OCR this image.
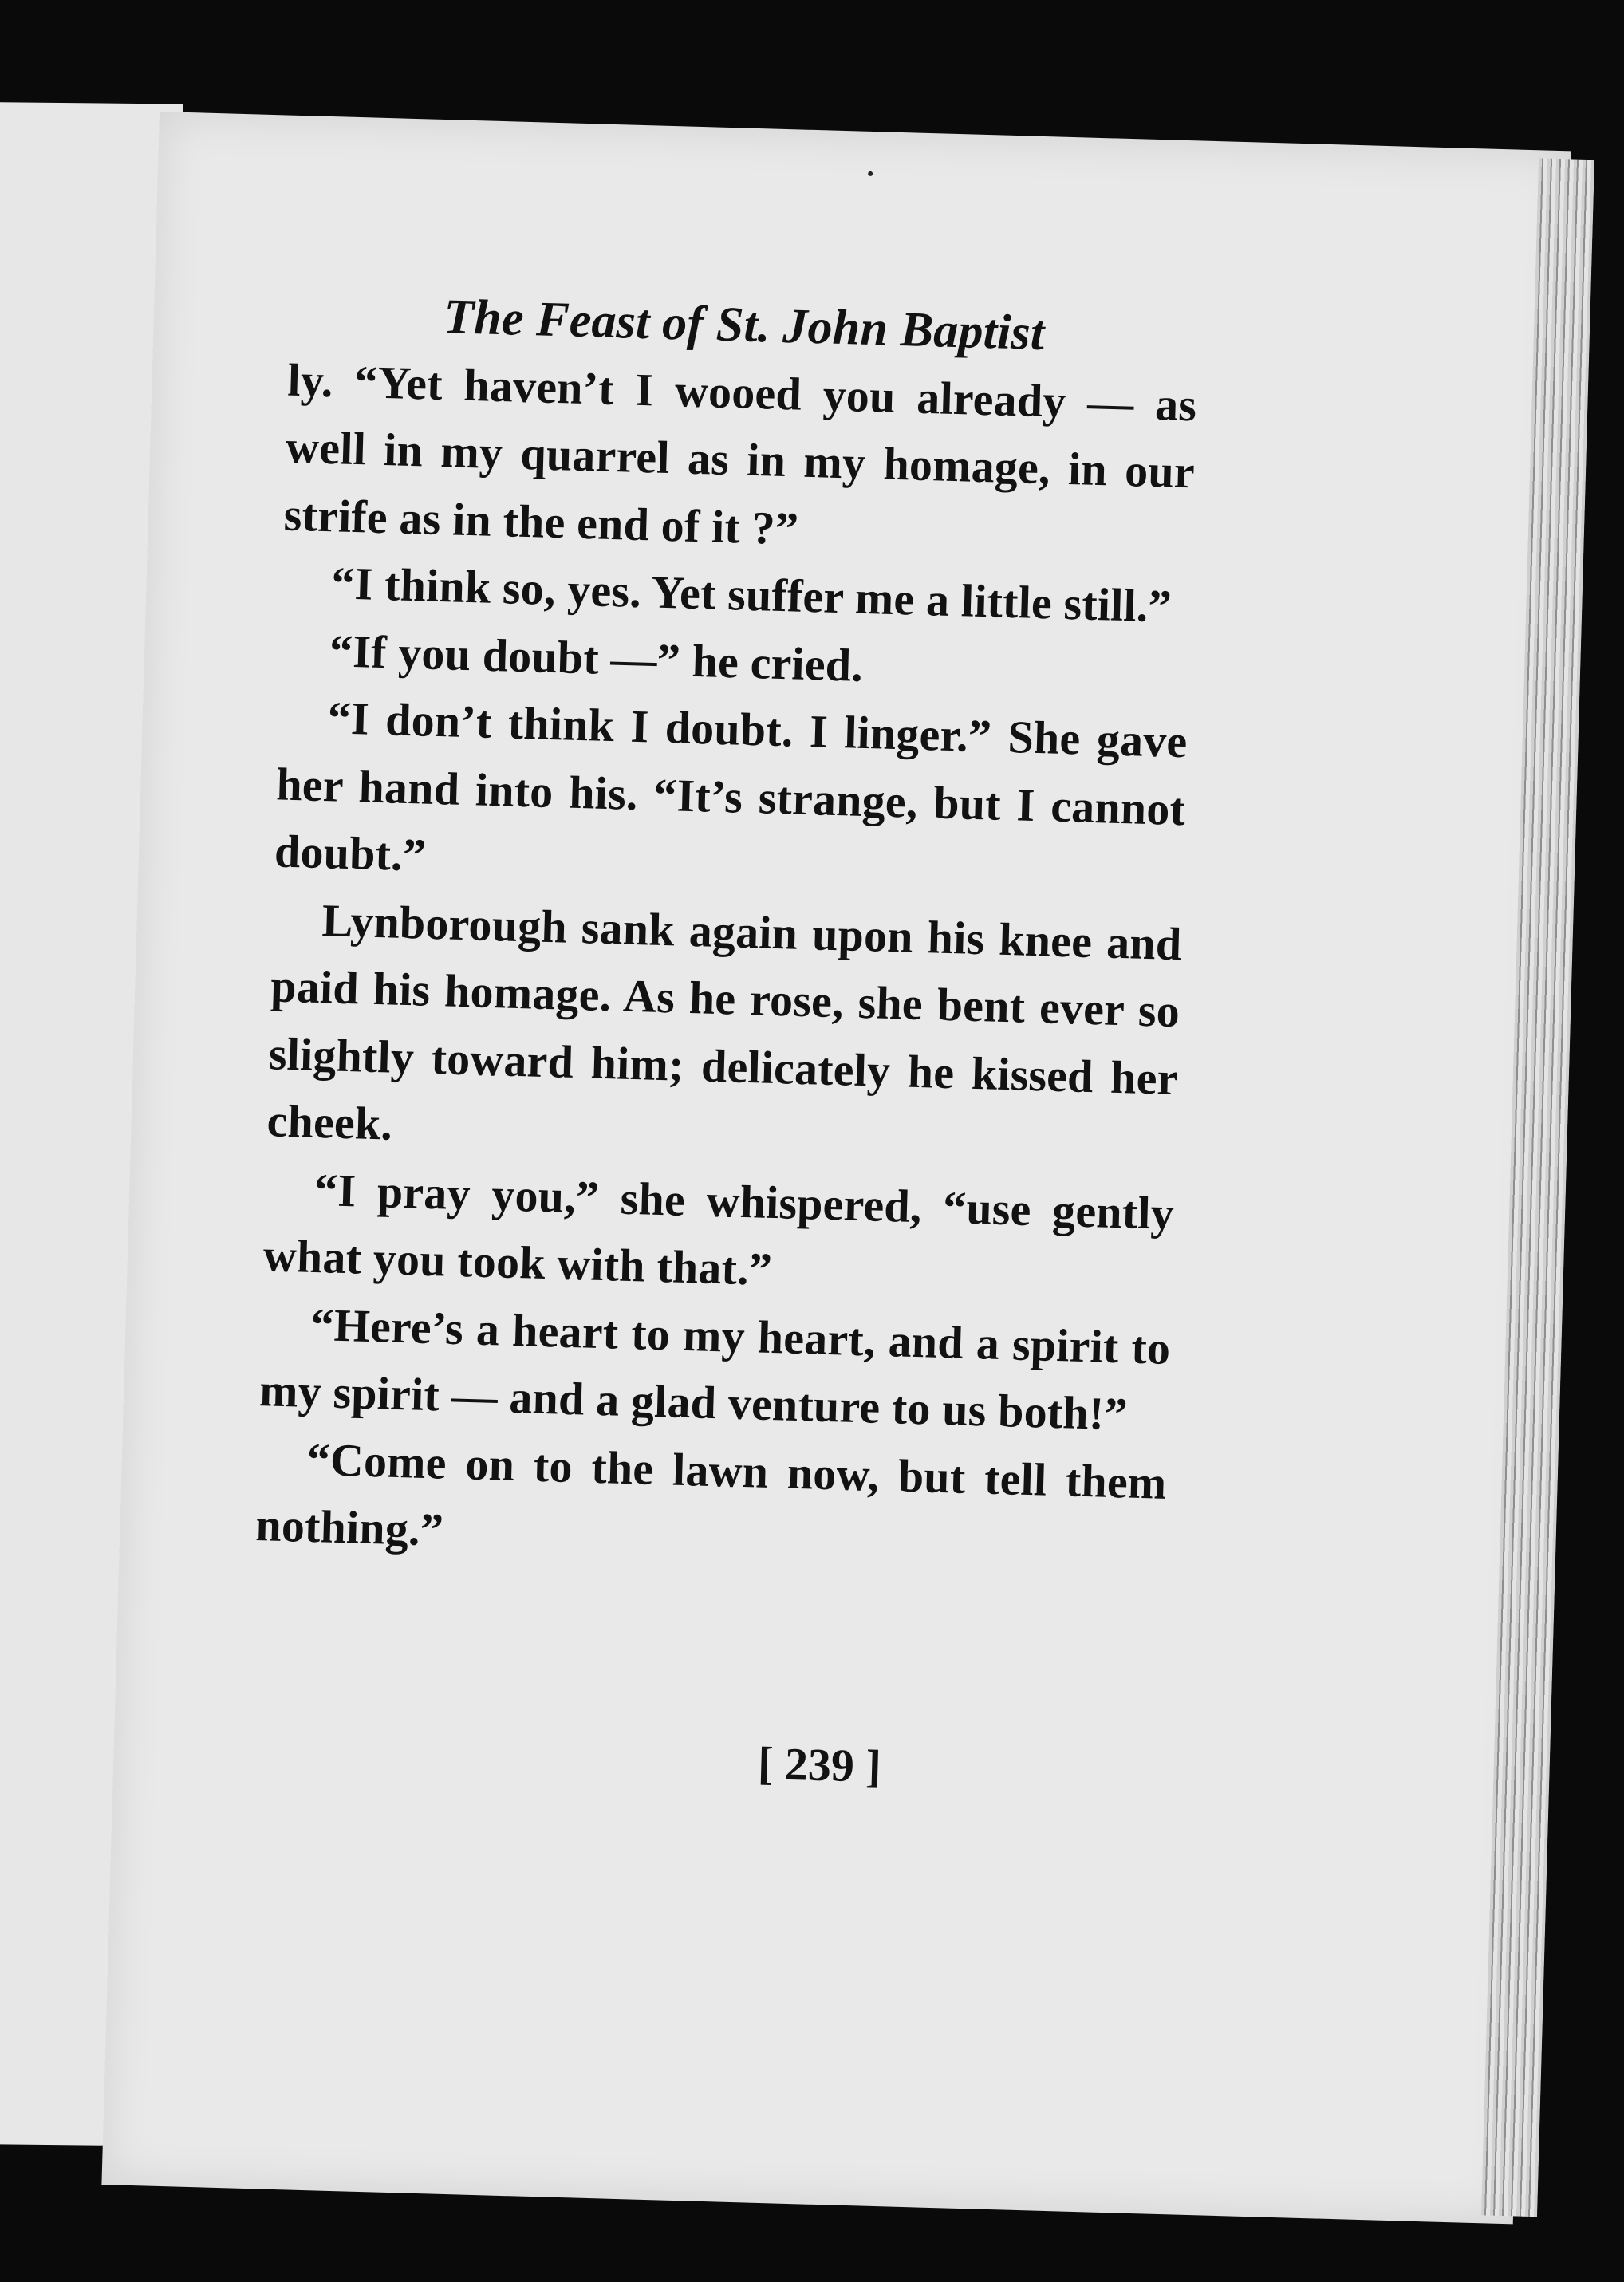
The Feast of St. John Baptist

ly. “Yet haven’t I wooed you already — as well in my quarrel as in my homage, in our strife as in the end of it ?”

“I think so, yes. Yet suffer me a little still.”

“If you doubt —” he cried.

“I don’t think I doubt. I linger.” She gave her hand into his. “It’s strange, but I cannot doubt.”

Lynborough sank again upon his knee and paid his homage. As he rose, she bent ever so slightly toward him; delicately he kissed her cheek.

“I pray you,” she whispered, “use gently what you took with that.”

“Here’s a heart to my heart, and a spirit to my spirit — and a glad venture to us both!”

“Come on to the lawn now, but tell them nothing.”

[ 239 ]
